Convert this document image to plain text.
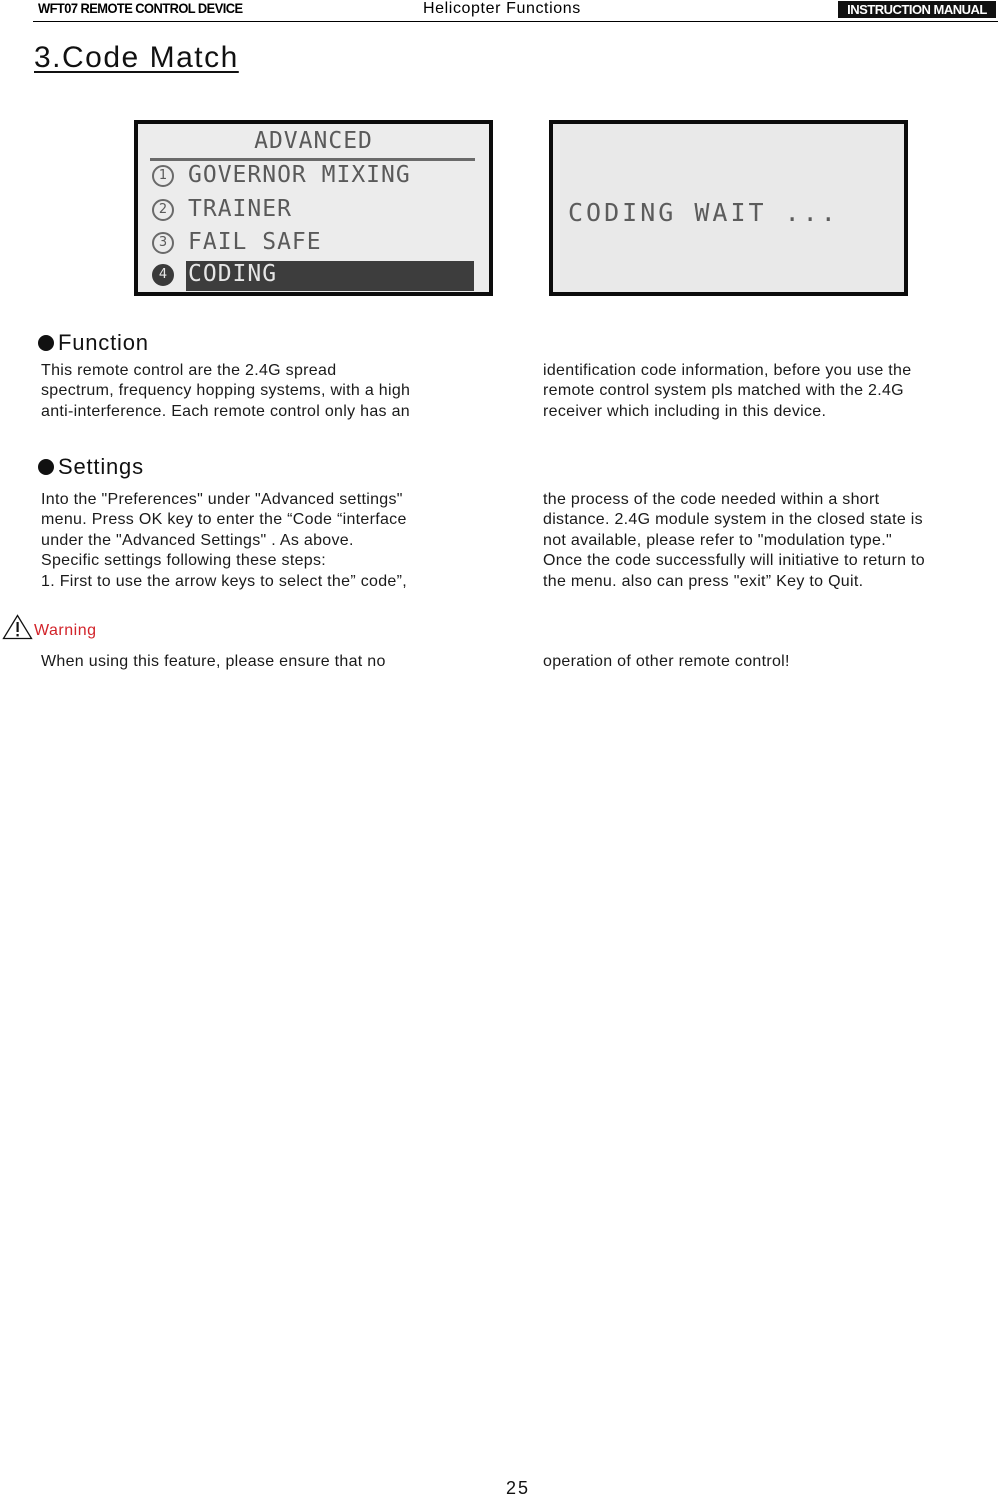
WFT07 REMOTE CONTROL DEVICE	Helicopter Functions	INSTRUCTION MANUAL
3.Code Match
ADVANCED
1 GOVERNOR MIXING
2 TRAINER
3 FAIL SAFE
4 CODING
CODING WAIT ...
Function
This remote control are the 2.4G spread
spectrum, frequency hopping systems, with a high
anti-interference. Each remote control only has an
identification code information, before you use the
remote control system pls matched with the 2.4G
receiver which including in this device.
Settings
Into the "Preferences" under "Advanced settings"
menu. Press OK key to enter the “Code “interface
under the "Advanced Settings" . As above.
Specific settings following these steps:
1. First to use the arrow keys to select the” code”,
the process of the code needed within a short
distance. 2.4G module system in the closed state is
not available, please refer to "modulation type."
Once the code successfully will initiative to return to
the menu. also can press "exit” Key to Quit.
Warning
When using this feature, please ensure that no	operation of other remote control!
25
